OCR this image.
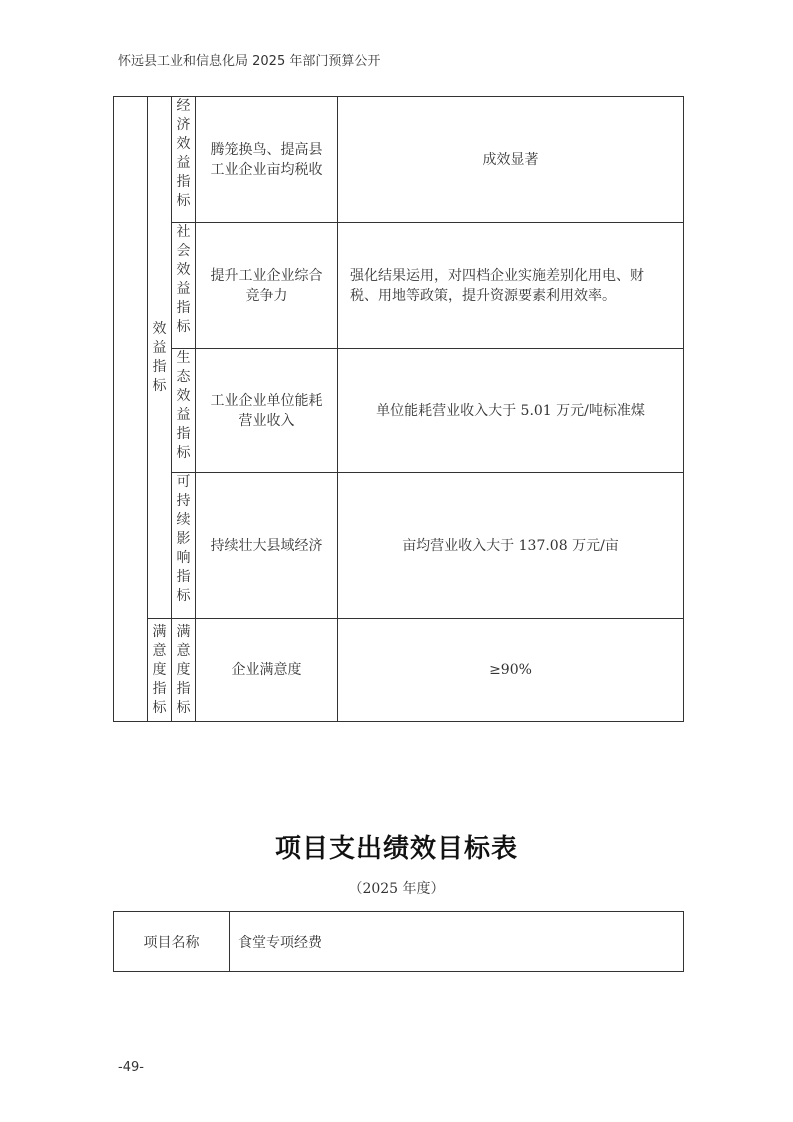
怀远县工业和信息化局 2025 年部门预算公开

	效益指标	经济效益指标	腾笼换鸟、提高县工业企业亩均税收	成效显著

		社会效益指标	提升工业企业综合竞争力	强化结果运用，对四档企业实施差别化用电、财税、用地等政策，提升资源要素利用效率。

		生态效益指标	工业企业单位能耗营业收入	单位能耗营业收入大于 5.01 万元/吨标准煤

		可持续影响指标	持续壮大县域经济	亩均营业收入大于 137.08 万元/亩

	满意度指标	满意度指标	企业满意度	≥90%
项目支出绩效目标表
（2025 年度）
项目名称	食堂专项经费
-49-
